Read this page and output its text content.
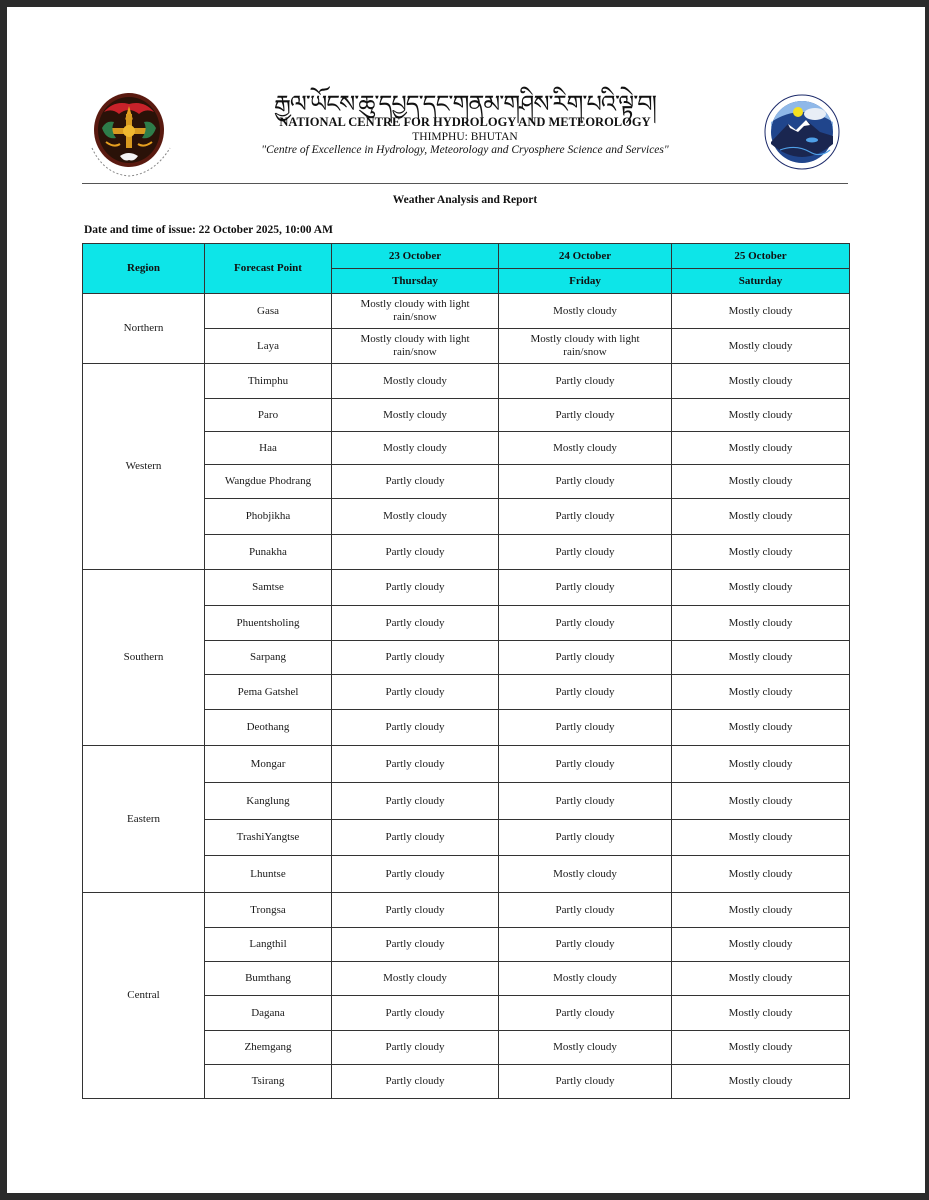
རྒྱལ་ཡོངས་ཆུ་དཔྱད་དང་གནམ་གཤིས་རིག་པའི་ལྟེ་བ།
NATIONAL CENTRE FOR HYDROLOGY AND METEOROLOGY
THIMPHU: BHUTAN
"Centre of Excellence in Hydrology, Meteorology and Cryosphere Science and Services"
Weather Analysis and Report
Date and time of issue: 22 October 2025, 10:00 AM
Region	Forecast Point	23 October	24 October	25 October
		Thursday	Friday	Saturday
Northern	Gasa	Mostly cloudy with light rain/snow	Mostly cloudy	Mostly cloudy
	Laya	Mostly cloudy with light rain/snow	Mostly cloudy with light rain/snow	Mostly cloudy
Western	Thimphu	Mostly cloudy	Partly cloudy	Mostly cloudy
	Paro	Mostly cloudy	Partly cloudy	Mostly cloudy
	Haa	Mostly cloudy	Mostly cloudy	Mostly cloudy
	Wangdue Phodrang	Partly cloudy	Partly cloudy	Mostly cloudy
	Phobjikha	Mostly cloudy	Partly cloudy	Mostly cloudy
	Punakha	Partly cloudy	Partly cloudy	Mostly cloudy
Southern	Samtse	Partly cloudy	Partly cloudy	Mostly cloudy
	Phuentsholing	Partly cloudy	Partly cloudy	Mostly cloudy
	Sarpang	Partly cloudy	Partly cloudy	Mostly cloudy
	Pema Gatshel	Partly cloudy	Partly cloudy	Mostly cloudy
	Deothang	Partly cloudy	Partly cloudy	Mostly cloudy
Eastern	Mongar	Partly cloudy	Partly cloudy	Mostly cloudy
	Kanglung	Partly cloudy	Partly cloudy	Mostly cloudy
	TrashiYangtse	Partly cloudy	Partly cloudy	Mostly cloudy
	Lhuntse	Partly cloudy	Mostly cloudy	Mostly cloudy
Central	Trongsa	Partly cloudy	Partly cloudy	Mostly cloudy
	Langthil	Partly cloudy	Partly cloudy	Mostly cloudy
	Bumthang	Mostly cloudy	Mostly cloudy	Mostly cloudy
	Dagana	Partly cloudy	Partly cloudy	Mostly cloudy
	Zhemgang	Partly cloudy	Mostly cloudy	Mostly cloudy
	Tsirang	Partly cloudy	Partly cloudy	Mostly cloudy
